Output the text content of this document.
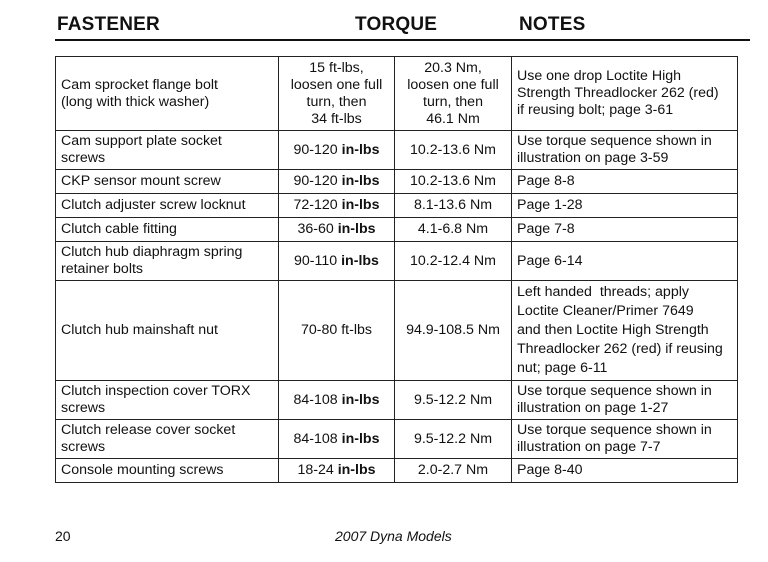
FASTENER	TORQUE	NOTES
Cam sprocket flange bolt
(long with thick washer)	15 ft-lbs,
loosen one full
turn, then
34 ft-lbs	20.3 Nm,
loosen one full
turn, then
46.1 Nm	Use one drop Loctite High
Strength Threadlocker 262 (red)
if reusing bolt; page 3-61
Cam support plate socket
screws	90-120 in-lbs	10.2-13.6 Nm	Use torque sequence shown in
illustration on page 3-59
CKP sensor mount screw	90-120 in-lbs	10.2-13.6 Nm	Page 8-8
Clutch adjuster screw locknut	72-120 in-lbs	8.1-13.6 Nm	Page 1-28
Clutch cable fitting	36-60 in-lbs	4.1-6.8 Nm	Page 7-8
Clutch hub diaphragm spring
retainer bolts	90-110 in-lbs	10.2-12.4 Nm	Page 6-14
Clutch hub mainshaft nut	70-80 ft-lbs	94.9-108.5 Nm	Left handed  threads; apply
Loctite Cleaner/Primer 7649
and then Loctite High Strength
Threadlocker 262 (red) if reusing
nut; page 6-11
Clutch inspection cover TORX
screws	84-108 in-lbs	9.5-12.2 Nm	Use torque sequence shown in
illustration on page 1-27
Clutch release cover socket
screws	84-108 in-lbs	9.5-12.2 Nm	Use torque sequence shown in
illustration on page 7-7
Console mounting screws	18-24 in-lbs	2.0-2.7 Nm	Page 8-40
20	2007 Dyna Models
